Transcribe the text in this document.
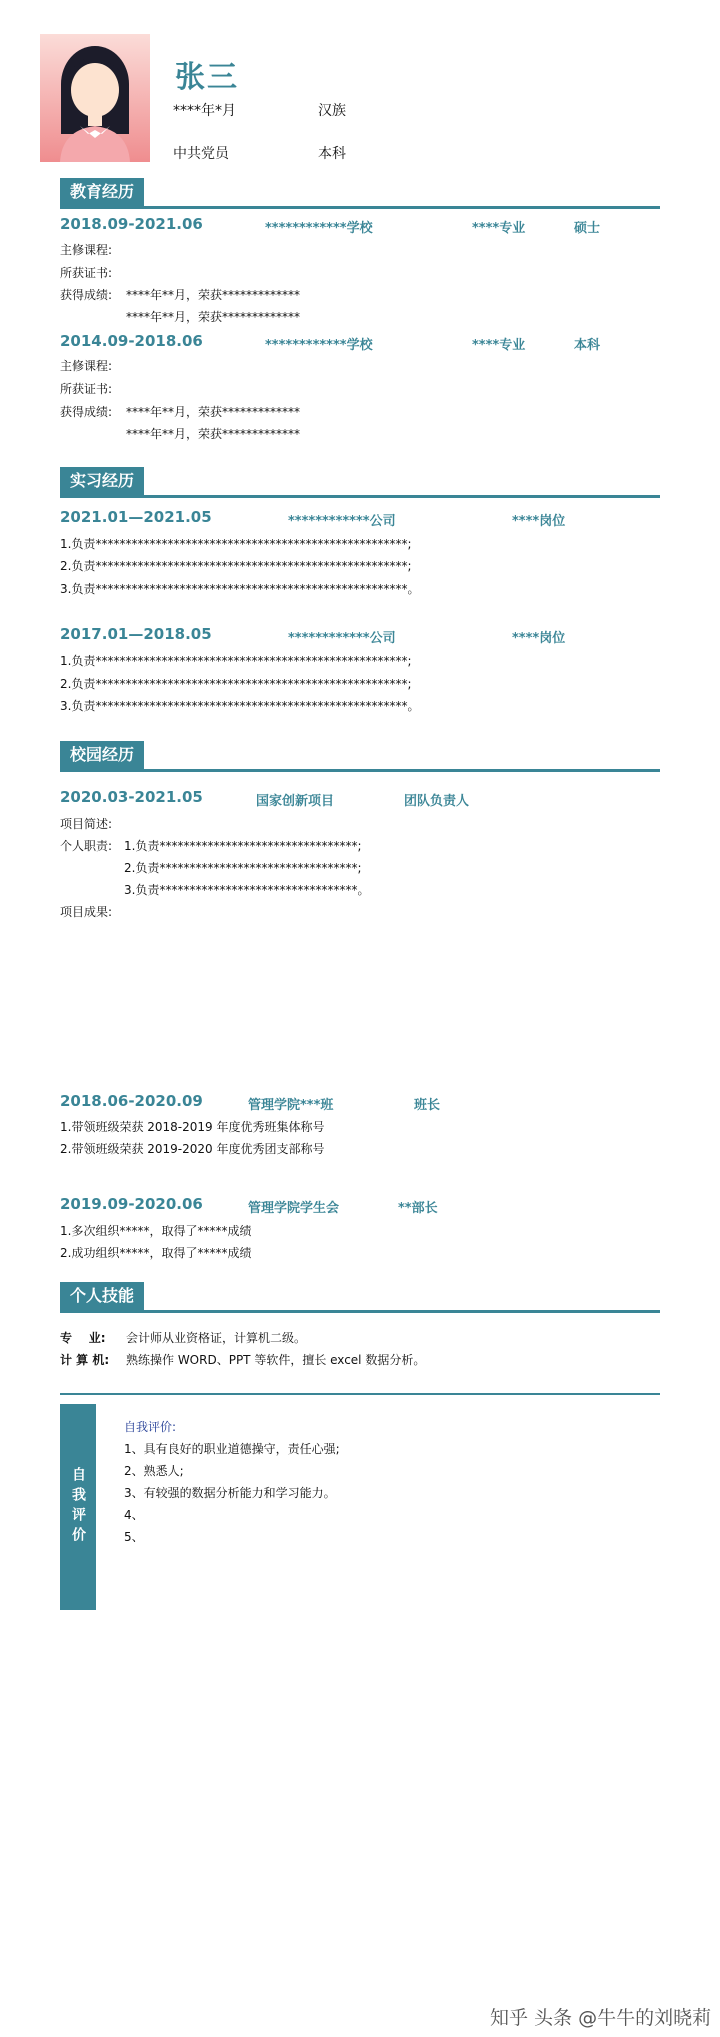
张三
****年*月	汉族
中共党员	本科
教育经历
2018.09-2021.06	************学校	****专业	硕士
主修课程:
所获证书:
获得成绩: ****年**月，荣获*************
****年**月，荣获*************
2014.09-2018.06	************学校	****专业	本科
主修课程:
所获证书:
获得成绩: ****年**月，荣获*************
****年**月，荣获*************
实习经历
2021.01—2021.05	************公司	****岗位
1.负责****************************************************;
2.负责****************************************************;
3.负责****************************************************。
2017.01—2018.05	************公司	****岗位
1.负责****************************************************;
2.负责****************************************************;
3.负责****************************************************。
校园经历
2020.03-2021.05	国家创新项目	团队负责人
项目简述:
个人职责: 1.负责*********************************;
2.负责*********************************;
3.负责*********************************。
项目成果:
2018.06-2020.09	管理学院***班	班长
1.带领班级荣获 2018-2019 年度优秀班集体称号
2.带领班级荣获 2019-2020 年度优秀团支部称号
2019.09-2020.06	管理学院学生会	**部长
1.多次组织*****，取得了*****成绩
2.成功组织*****，取得了*****成绩
个人技能
专    业: 会计师从业资格证，计算机二级。
计 算 机: 熟练操作 WORD、PPT 等软件，擅长 excel 数据分析。
自我评价
自我评价:
1、具有良好的职业道德操守，责任心强;
2、熟悉人;
3、有较强的数据分析能力和学习能力。
4、
5、
知乎 头条 @牛牛的刘晓莉
